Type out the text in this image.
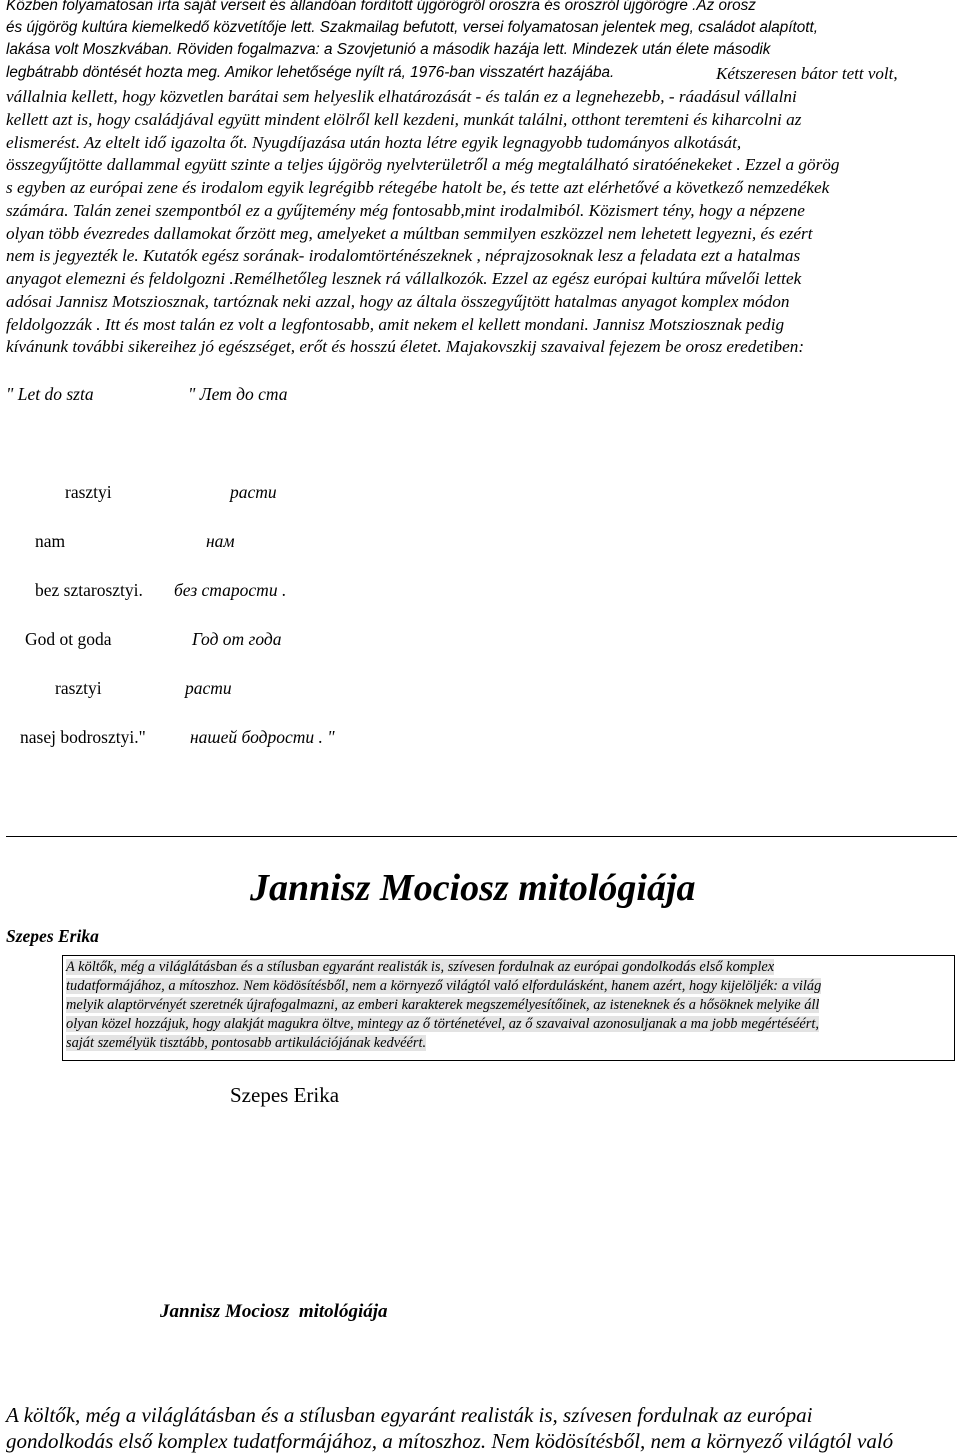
Közben folyamatosan írta saját verseit és állandóan fordított újgörögről oroszra és oroszról újgörögre .Az orosz
és újgörög kultúra kiemelkedő közvetítője lett. Szakmailag befutott, versei folyamatosan jelentek meg, családot alapított,
lakása volt Moszkvában. Röviden fogalmazva: a Szovjetunió a második hazája lett. Mindezek után élete második
legbátrabb döntését hozta meg. Amikor lehetősége nyílt rá, 1976-ban visszatért hazájába.	Kétszeresen bátor tett volt,
vállalnia kellett, hogy közvetlen barátai sem helyeslik elhatározását - és talán ez a legnehezebb, - ráadásul vállalni
kellett azt is, hogy családjával együtt mindent elölről kell kezdeni, munkát találni, otthont teremteni és kiharcolni az
elismerést. Az eltelt idő igazolta őt. Nyugdíjazása után hozta létre egyik legnagyobb tudományos alkotását,
összegyűjtötte dallammal együtt szinte a teljes újgörög nyelvterületről a még megtalálható siratóénekeket . Ezzel a görög
s egyben az európai zene és irodalom egyik legrégibb rétegébe hatolt be, és tette azt elérhetővé a következő nemzedékek
számára. Talán zenei szempontból ez a gyűjtemény még fontosabb,mint irodalmiból. Közismert tény, hogy a népzene
olyan több évezredes dallamokat őrzött meg, amelyeket a múltban semmilyen eszközzel nem lehetett legyezni, és ezért
nem is jegyezték le. Kutatók egész sorának- irodalomtörténészeknek , néprajzosoknak lesz a feladata ezt a hatalmas
anyagot elemezni és feldolgozni .Remélhetőleg lesznek rá vállalkozók. Ezzel az egész európai kultúra művelői lettek
adósai Jannisz Motsziosznak, tartóznak neki azzal, hogy az általa összegyűjtött hatalmas anyagot komplex módon
feldolgozzák . Itt és most talán ez volt a legfontosabb, amit nekem el kellett mondani. Jannisz Motsziosznak pedig
kívánunk további sikereihez jó egészséget, erőt és hosszú életet. Majakovszkij szavaival fejezem be orosz eredetiben:
" Let do szta
rasztyi
nam
bez sztarosztyi.
God ot goda
rasztyi
nasej bodrosztyi."
" Лет до ста
расти
нам
без старости .
Год от года
расти
нашей бодрости . "
Jannisz Mociosz mitológiája
Szepes Erika
A költők, még a világlátásban és a stílusban egyaránt realisták is, szívesen fordulnak az európai gondolkodás első komplex
tudatformájához, a mítoszhoz. Nem ködösítésből, nem a környező világtól való elfordulásként, hanem azért, hogy kijelöljék: a világ
melyik alaptörvényét szeretnék újrafogalmazni, az emberi karakterek megszemélyesítőinek, az isteneknek és a hősöknek melyike áll
olyan közel hozzájuk, hogy alakját magukra öltve, mintegy az ő történetével, az ő szavaival azonosuljanak a ma jobb megértéséért,
saját személyük tisztább, pontosabb artikulációjának kedvéért.
Szepes Erika
Jannisz Mociosz  mitológiája
A költők, még a világlátásban és a stílusban egyaránt realisták is, szívesen fordulnak az európai
gondolkodás első komplex tudatformájához, a mítoszhoz. Nem ködösítésből, nem a környező világtól való
